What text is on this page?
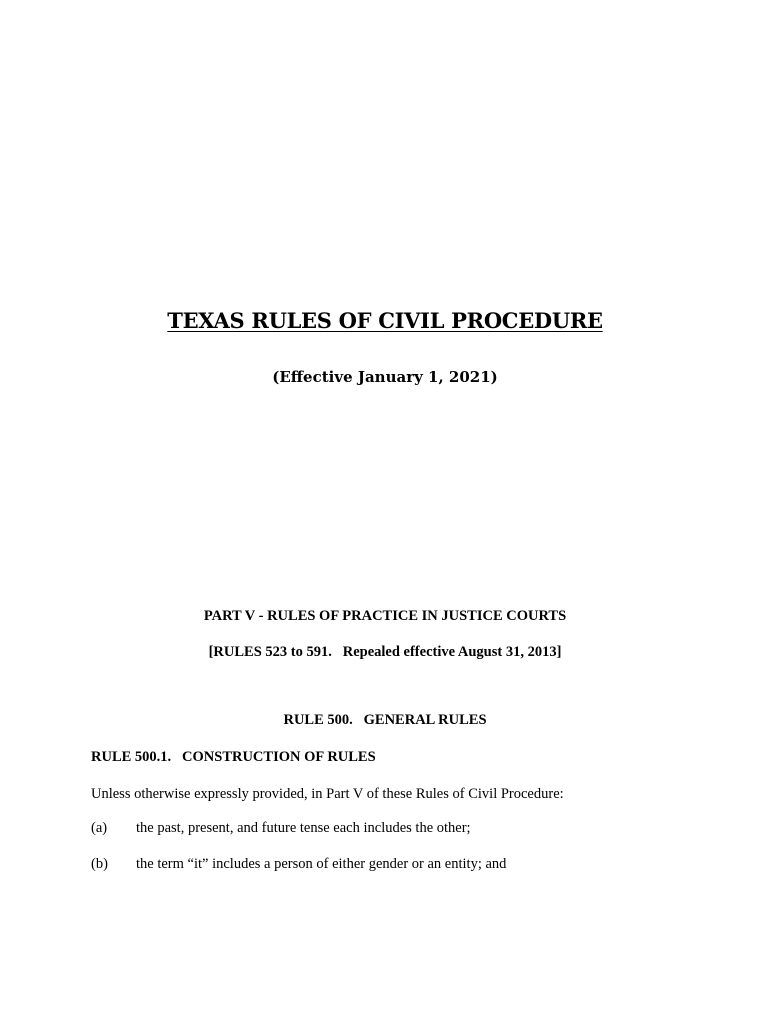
TEXAS RULES OF CIVIL PROCEDURE
(Effective January 1, 2021)
PART V - RULES OF PRACTICE IN JUSTICE COURTS
[RULES 523 to 591.   Repealed effective August 31, 2013]
RULE 500.   GENERAL RULES
RULE 500.1.   CONSTRUCTION OF RULES
Unless otherwise expressly provided, in Part V of these Rules of Civil Procedure:
(a)	the past, present, and future tense each includes the other;
(b)	the term “it” includes a person of either gender or an entity; and
